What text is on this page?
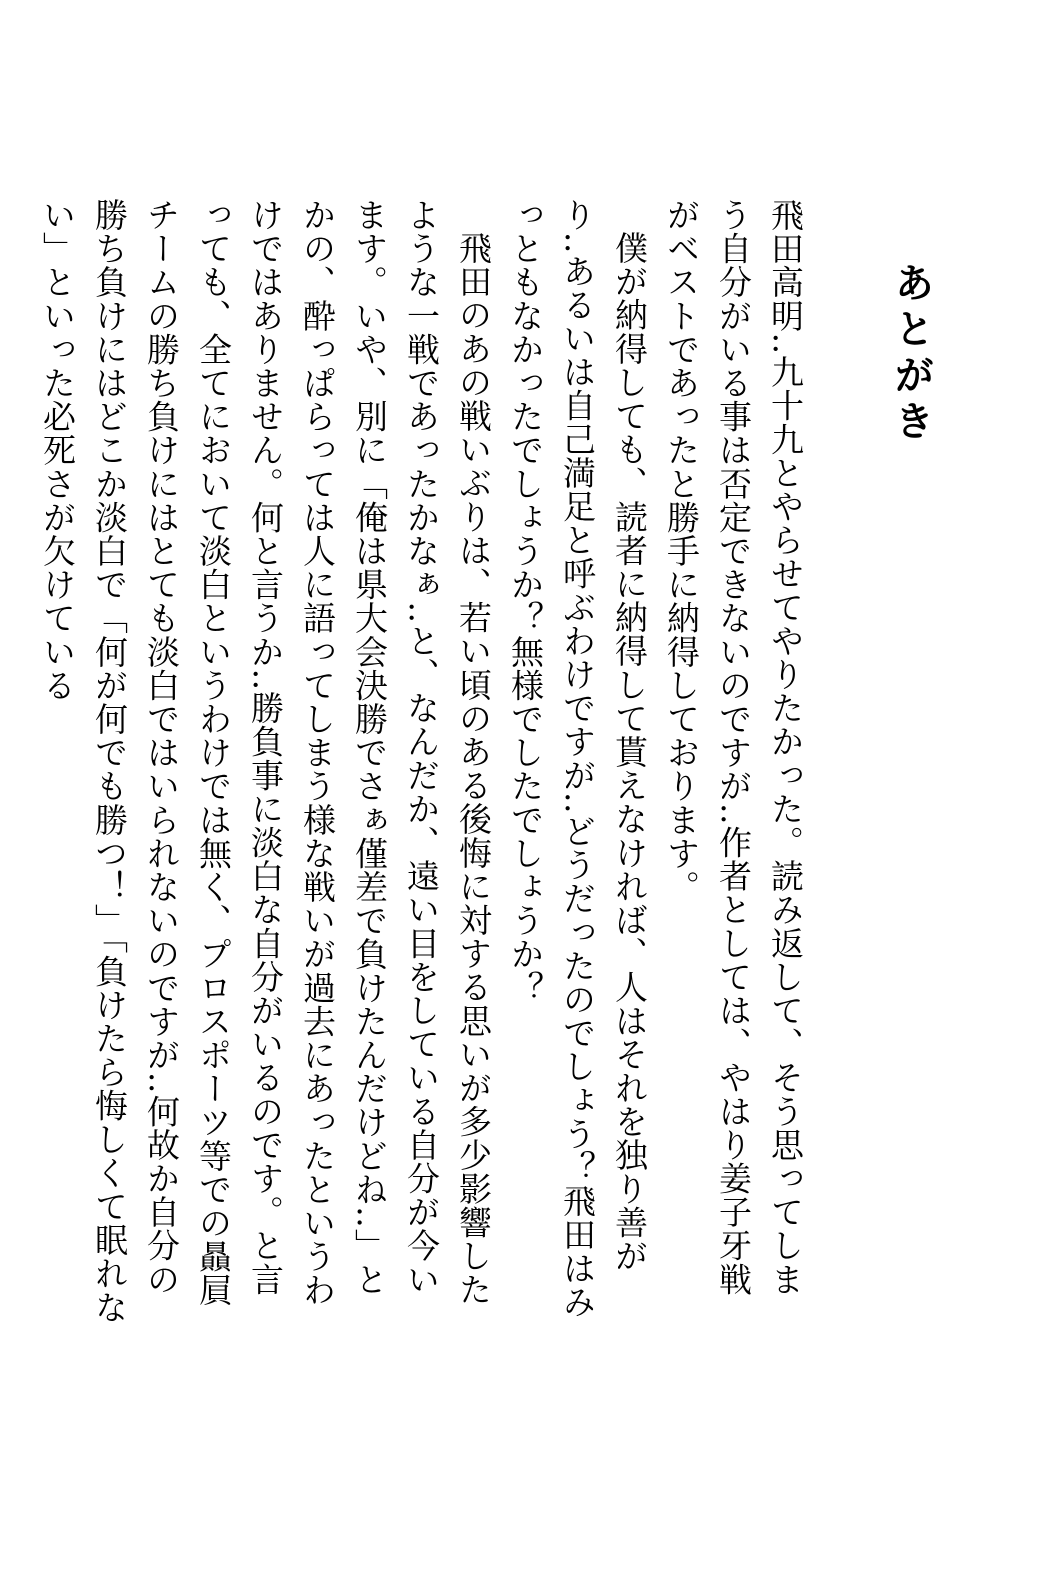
あとがき

飛田高明‥九十九とやらせてやりたかった。読み返して、そう思ってしまう自分がいる事は否定できないのですが‥作者としては、やはり姜子牙戦がベストであったと勝手に納得しております。

僕が納得しても、読者に納得して貰えなければ、人はそれを独り善がり‥あるいは自己満足と呼ぶわけですが‥どうだったのでしょう？飛田はみっともなかったでしょうか？無様でしたでしょうか？

飛田のあの戦いぶりは、若い頃のある後悔に対する思いが多少影響したような一戦であったかなぁ‥と、なんだか、遠い目をしている自分が今います。いや、別に「俺は県大会決勝でさぁ僅差で負けたんだけどね‥」とかの、酔っぱらっては人に語ってしまう様な戦いが過去にあったというわけではありません。何と言うか‥勝負事に淡白な自分がいるのです。と言っても、全てにおいて淡白というわけでは無く、プロスポーツ等での贔屓チームの勝ち負けにはとても淡白ではいられないのですが‥何故か自分の勝ち負けにはどこか淡白で「何が何でも勝つ！」「負けたら悔しくて眠れない」といった必死さが欠けている
